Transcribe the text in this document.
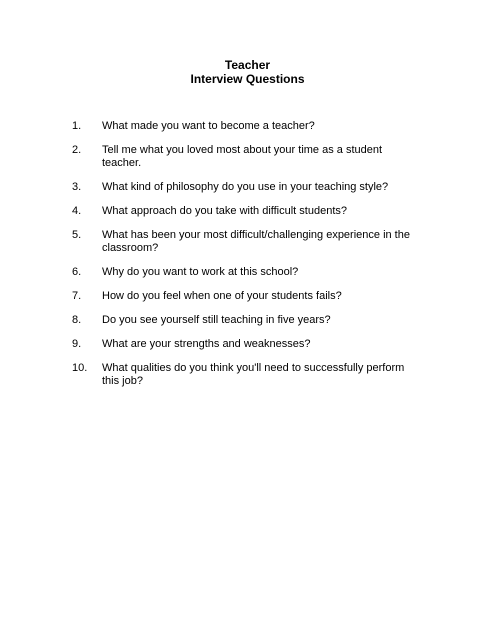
Teacher
Interview Questions
1. What made you want to become a teacher?
2. Tell me what you loved most about your time as a student teacher.
3. What kind of philosophy do you use in your teaching style?
4. What approach do you take with difficult students?
5. What has been your most difficult/challenging experience in the classroom?
6. Why do you want to work at this school?
7. How do you feel when one of your students fails?
8. Do you see yourself still teaching in five years?
9. What are your strengths and weaknesses?
10. What qualities do you think you'll need to successfully perform this job?
